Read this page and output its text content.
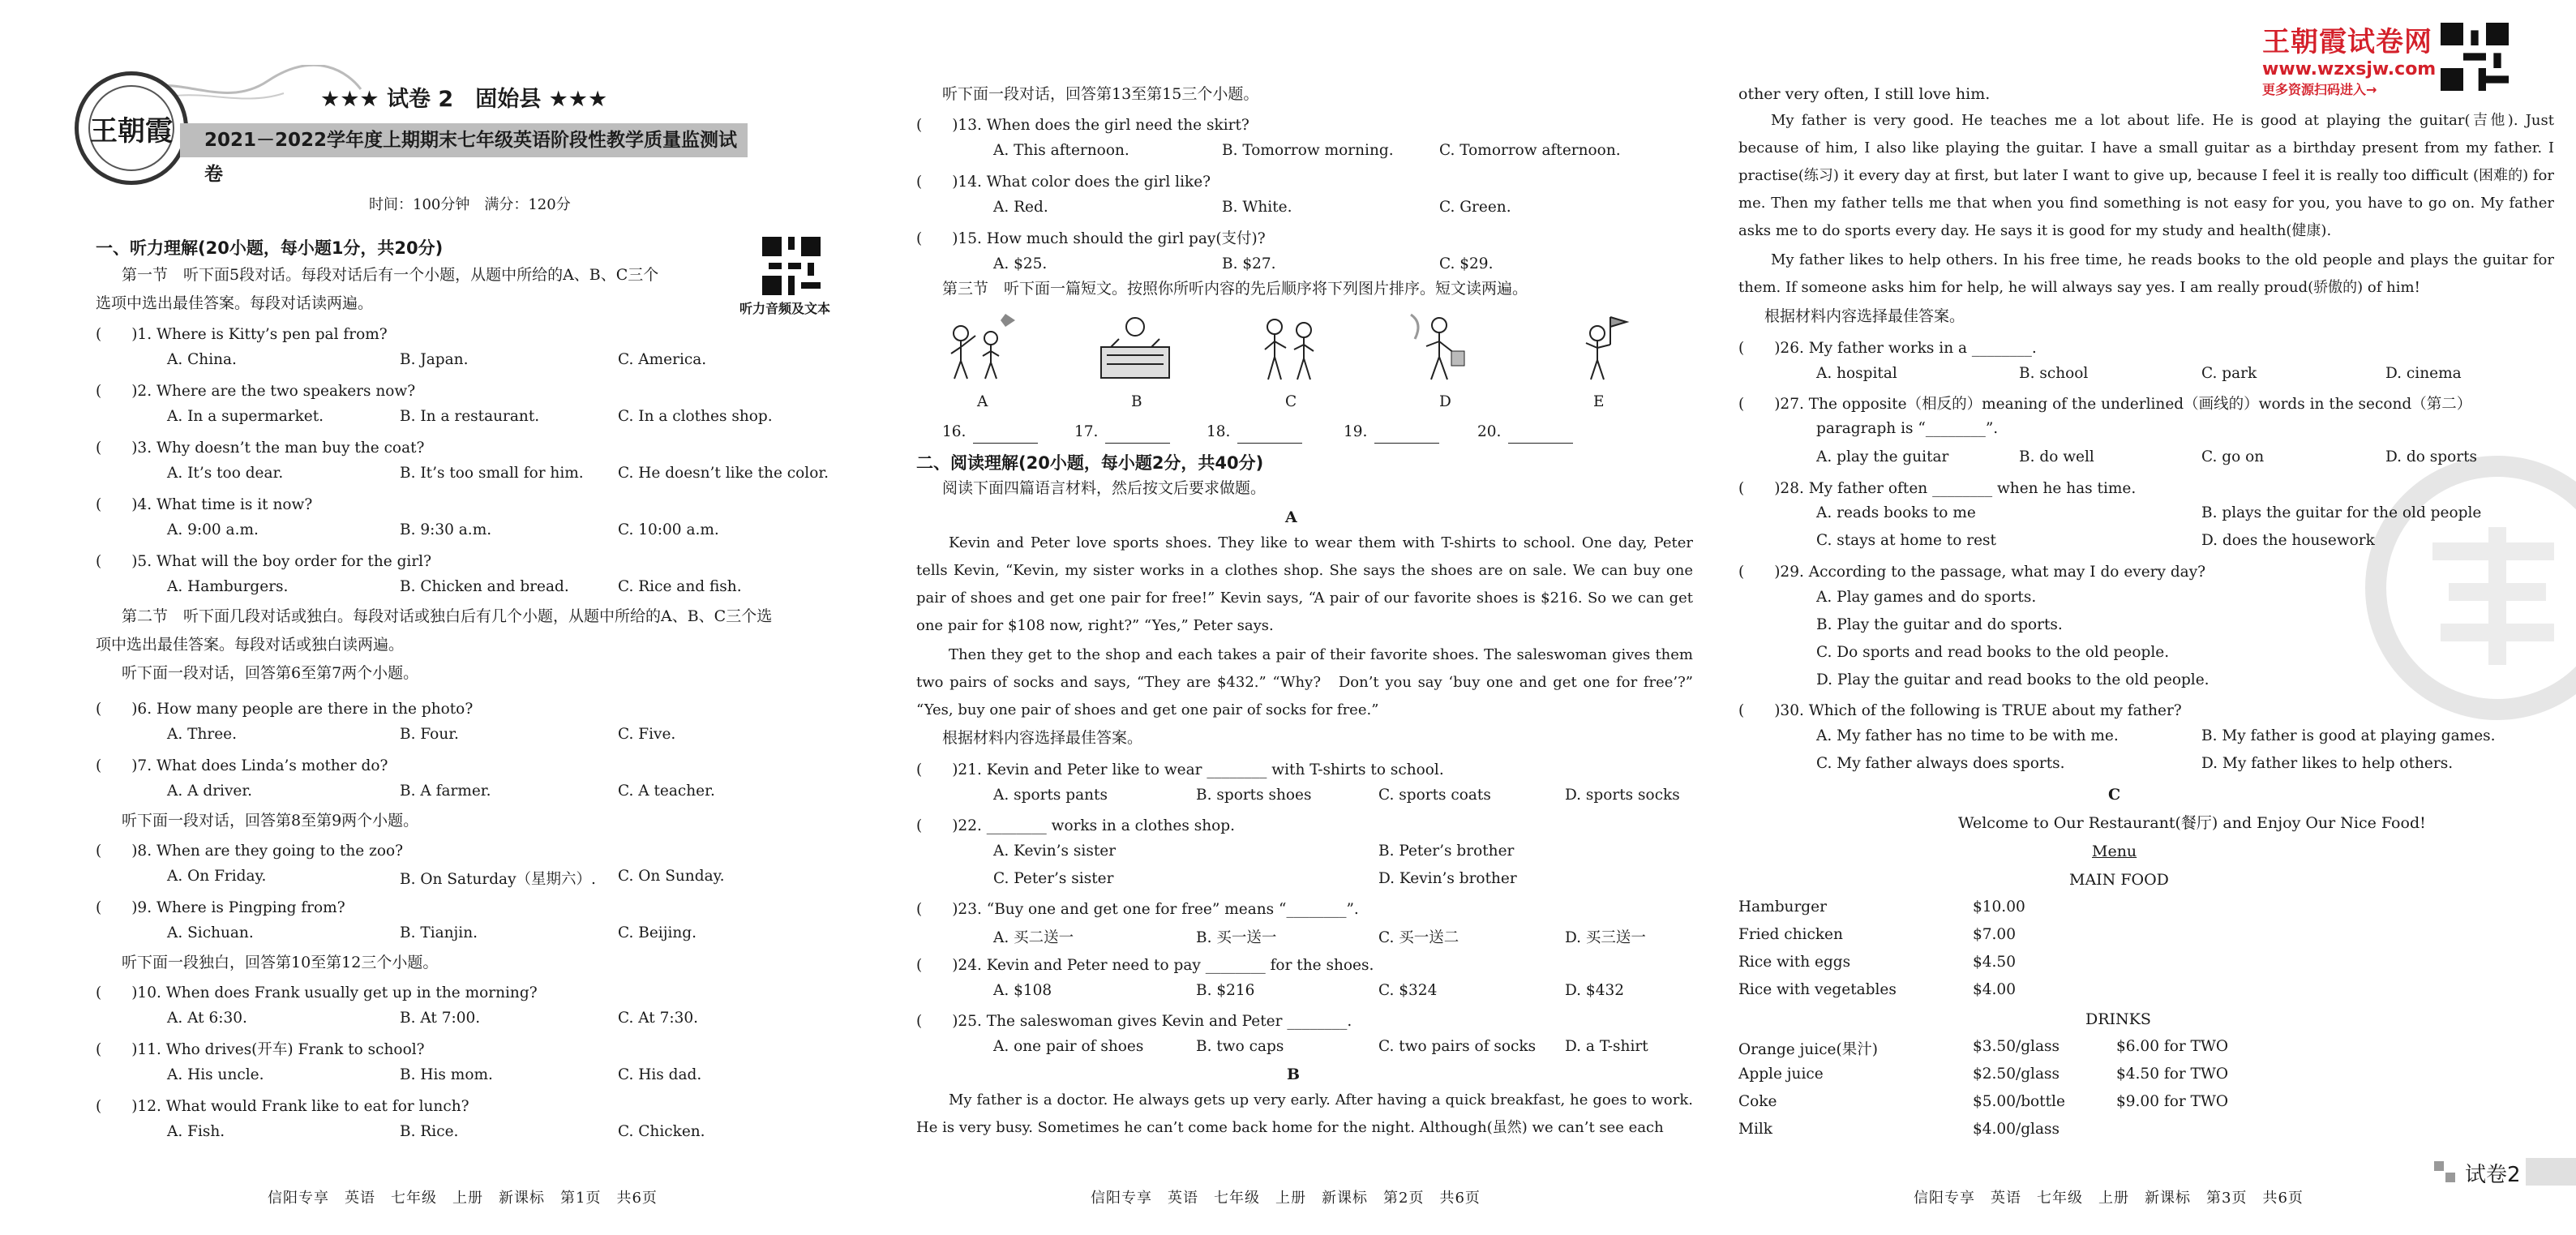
王朝霞
★★★ 试卷 2　固始县 ★★★
2021－2022学年度上期期末七年级英语阶段性教学质量监测试卷
时间：100分钟　满分：120分
听力音频及文本
一、听力理解(20小题，每小题1分，共20分)
第一节　听下面5段对话。每段对话后有一个小题，从题中所给的A、B、C三个
选项中选出最佳答案。每段对话读两遍。
(　　)1. Where is Kitty’s pen pal from?
A. China.	B. Japan.	C. America.
(　　)2. Where are the two speakers now?
A. In a supermarket.	B. In a restaurant.	C. In a clothes shop.
(　　)3. Why doesn’t the man buy the coat?
A. It’s too dear.	B. It’s too small for him. C. He doesn’t like the color.
(　　)4. What time is it now?
A. 9:00 a.m.	B. 9:30 a.m.	C. 10:00 a.m.
(　　)5. What will the boy order for the girl?
A. Hamburgers.	B. Chicken and bread.	C. Rice and fish.
(　　)6. How many people are there in the photo?
A. Three.	B. Four.	C. Five.
(　　)7. What does Linda’s mother do?
A. A driver.	B. A farmer.	C. A teacher.
(　　)8. When are they going to the zoo?
A. On Friday.	B. On Saturday（星期六）. C. On Sunday.
(　　)9. Where is Pingping from?
A. Sichuan.	B. Tianjin.	C. Beijing.
(　　)10. When does Frank usually get up in the morning?
A. At 6:30.	B. At 7:00.	C. At 7:30.
(　　)11. Who drives(开车) Frank to school?
A. His uncle.	B. His mom.	C. His dad.
(　　)12. What would Frank like to eat for lunch?
A. Fish.	B. Rice.	C. Chicken.
第二节　听下面几段对话或独白。每段对话或独白后有几个小题，从题中所给的A、B、C三个选
项中选出最佳答案。每段对话或独白读两遍。
听下面一段对话，回答第6至第7两个小题。
听下面一段对话，回答第8至第9两个小题。
听下面一段独白，回答第10至第12三个小题。
信阳专享　英语　七年级　上册　新课标　第1页　共6页
听下面一段对话，回答第13至第15三个小题。
(　　)13. When does the girl need the skirt?
A. This afternoon.	B. Tomorrow morning.	C. Tomorrow afternoon.
(　　)14. What color does the girl like?
A. Red.	B. White.	C. Green.
(　　)15. How much should the girl pay(支付)?
A. $25.	B. $27.	C. $29.
第三节　听下面一篇短文。按照你所听内容的先后顺序将下列图片排序。短文读两遍。
A	B	C	D	E
16.	17.	18.	19.	20.
二、阅读理解(20小题，每小题2分，共40分)
阅读下面四篇语言材料，然后按文后要求做题。
A
Kevin and Peter love sports shoes. They like to wear them with T-shirts to school. One day, Peter tells Kevin, “Kevin, my sister works in a clothes shop. She says the shoes are on sale. We can buy one pair of shoes and get one pair for free!” Kevin says, “A pair of our favorite shoes is $216. So we can get one pair for $108 now, right?” “Yes,” Peter says.
Then they get to the shop and each takes a pair of their favorite shoes. The saleswoman gives them two pairs of socks and says, “They are $432.” “Why?　Don’t you say ‘buy one and get one for free’?” “Yes, buy one pair of shoes and get one pair of socks for free.”
根据材料内容选择最佳答案。
(　　)21. Kevin and Peter like to wear ________ with T-shirts to school.
A. sports pants	B. sports shoes	C. sports coats	D. sports socks
(　　)22. ________ works in a clothes shop.
A. Kevin’s sister	B. Peter’s brother
C. Peter’s sister	D. Kevin’s brother
(　　)23. “Buy one and get one for free” means “________”.
A. 买二送一	B. 买一送一	C. 买一送二	D. 买三送一
(　　)24. Kevin and Peter need to pay ________ for the shoes.
A. $108	B. $216	C. $324	D. $432
(　　)25. The saleswoman gives Kevin and Peter ________.
A. one pair of shoes	B. two caps	C. two pairs of socks D. a T-shirt
B
My father is a doctor. He always gets up very early. After having a quick breakfast, he goes to work. He is very busy. Sometimes he can’t come back home for the night. Although(虽然) we can’t see each
信阳专享　英语　七年级　上册　新课标　第2页　共6页
王朝霞试卷网
www.wzxsjw.com
更多资源扫码进入→
other very often, I still love him.
My father is very good. He teaches me a lot about life. He is good at playing the guitar(吉他). Just because of him, I also like playing the guitar. I have a small guitar as a birthday present from my father. I practise(练习) it every day at first, but later I want to give up, because I feel it is really too difficult (困难的) for me. Then my father tells me that when you find something is not easy for you, you have to go on. My father asks me to do sports every day. He says it is good for my study and health(健康).
My father likes to help others. In his free time, he reads books to the old people and plays the guitar for them. If someone asks him for help, he will always say yes. I am really proud(骄傲的) of him!
根据材料内容选择最佳答案。
(　　)26. My father works in a ________.
A. hospital	B. school	C. park	D. cinema
(　　)27. The opposite（相反的）meaning of the underlined（画线的）words in the second（第二）
paragraph is “________”.
A. play the guitar	B. do well	C. go on	D. do sports
(　　)28. My father often ________ when he has time.
A. reads books to me	B. plays the guitar for the old people
C. stays at home to rest	D. does the housework
(　　)29. According to the passage, what may I do every day?
A. Play games and do sports.
B. Play the guitar and do sports.
C. Do sports and read books to the old people.
D. Play the guitar and read books to the old people.
(　　)30. Which of the following is TRUE about my father?
A. My father has no time to be with me.	B. My father is good at playing games.
C. My father always does sports.	D. My father likes to help others.
C
Welcome to Our Restaurant(餐厅) and Enjoy Our Nice Food!
Menu
MAIN FOOD
Hamburger	$10.00
Fried chicken	$7.00
Rice with eggs	$4.50
Rice with vegetables	$4.00
DRINKS
Orange juice(果汁)	$3.50/glass	$6.00 for TWO
Apple juice	$2.50/glass	$4.50 for TWO
Coke	$5.00/bottle	$9.00 for TWO
Milk	$4.00/glass
信阳专享　英语　七年级　上册　新课标　第3页　共6页
试卷2
